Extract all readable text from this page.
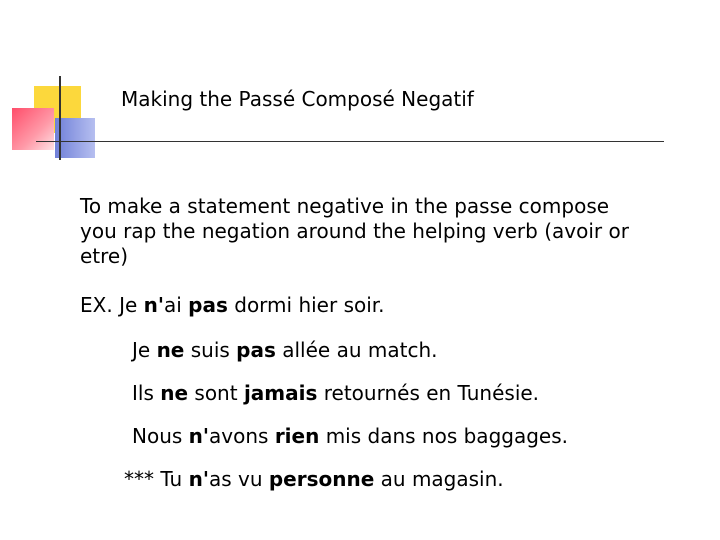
Making the Passé Composé Negatif
To make a statement negative in the passe compose you rap the negation around the helping verb (avoir or etre)
EX. Je n'ai pas dormi hier soir.
Je ne suis pas allée au match.
Ils ne sont jamais retournés en Tunésie.
Nous n'avons rien mis dans nos baggages.
*** Tu n'as vu personne au magasin.
